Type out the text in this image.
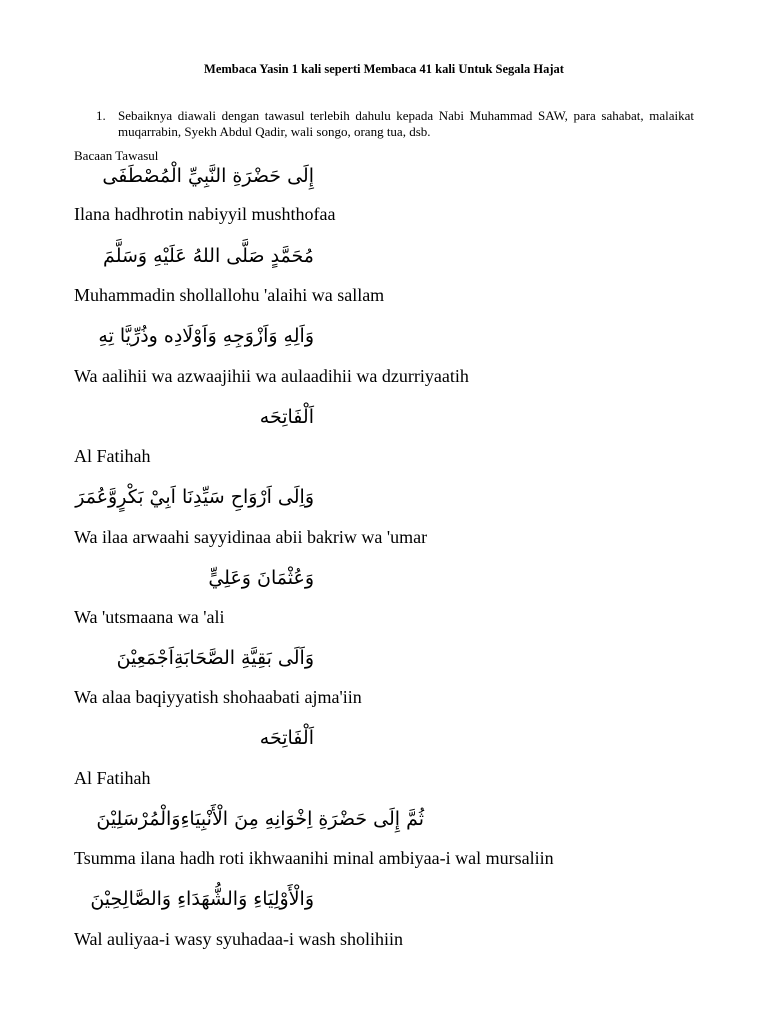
Membaca Yasin 1 kali seperti Membaca 41 kali Untuk Segala Hajat
1. Sebaiknya diawali dengan tawasul terlebih dahulu kepada Nabi Muhammad SAW, para sahabat, malaikat muqarrabin, Syekh Abdul Qadir, wali songo, orang tua, dsb.
Bacaan Tawasul
إِلَى حَضْرَةِ النَّبِيِّ الْمُصْطَفَى
Ilana hadhrotin nabiyyil mushthofaa
مُحَمَّدٍ صَلَّى اللهُ عَلَيْهِ وَسَلَّمَ
Muhammadin shollallohu 'alaihi wa sallam
وَاَلِهِ وَاَزْوَجِهِ وَاَوْلَادِه وذُرِّيَّا تِهِ
Wa aalihii wa azwaajihii wa aulaadihii wa dzurriyaatih
اَلْفَاتِحَه
Al Fatihah
وَاِلَى اَرْوَاحِ سَيِّدِنَا اَبِيْ بَكْرٍوَّعُمَرَ
Wa ilaa arwaahi sayyidinaa abii bakriw wa 'umar
وَعُثْمَانَ وَعَلِيٍّ
Wa 'utsmaana wa 'ali
وَاَلَى بَقِيَّةِ الصَّحَابَةِاَجْمَعِيْنَ
Wa alaa baqiyyatish shohaabati ajma'iin
اَلْفَاتِحَه
Al Fatihah
ثُمَّ إِلَى حَضْرَةِ اِخْوَانِهِ مِنَ الْأَنْبِيَاءِوَالْمُرْسَلِيْنَ
Tsumma ilana hadh roti ikhwaanihi minal ambiyaa-i wal mursaliin
وَالْأَوْلِيَاءِ وَالشُّهَدَاءِ وَالصَّالِحِيْنَ
Wal auliyaa-i wasy syuhadaa-i wash sholihiin
